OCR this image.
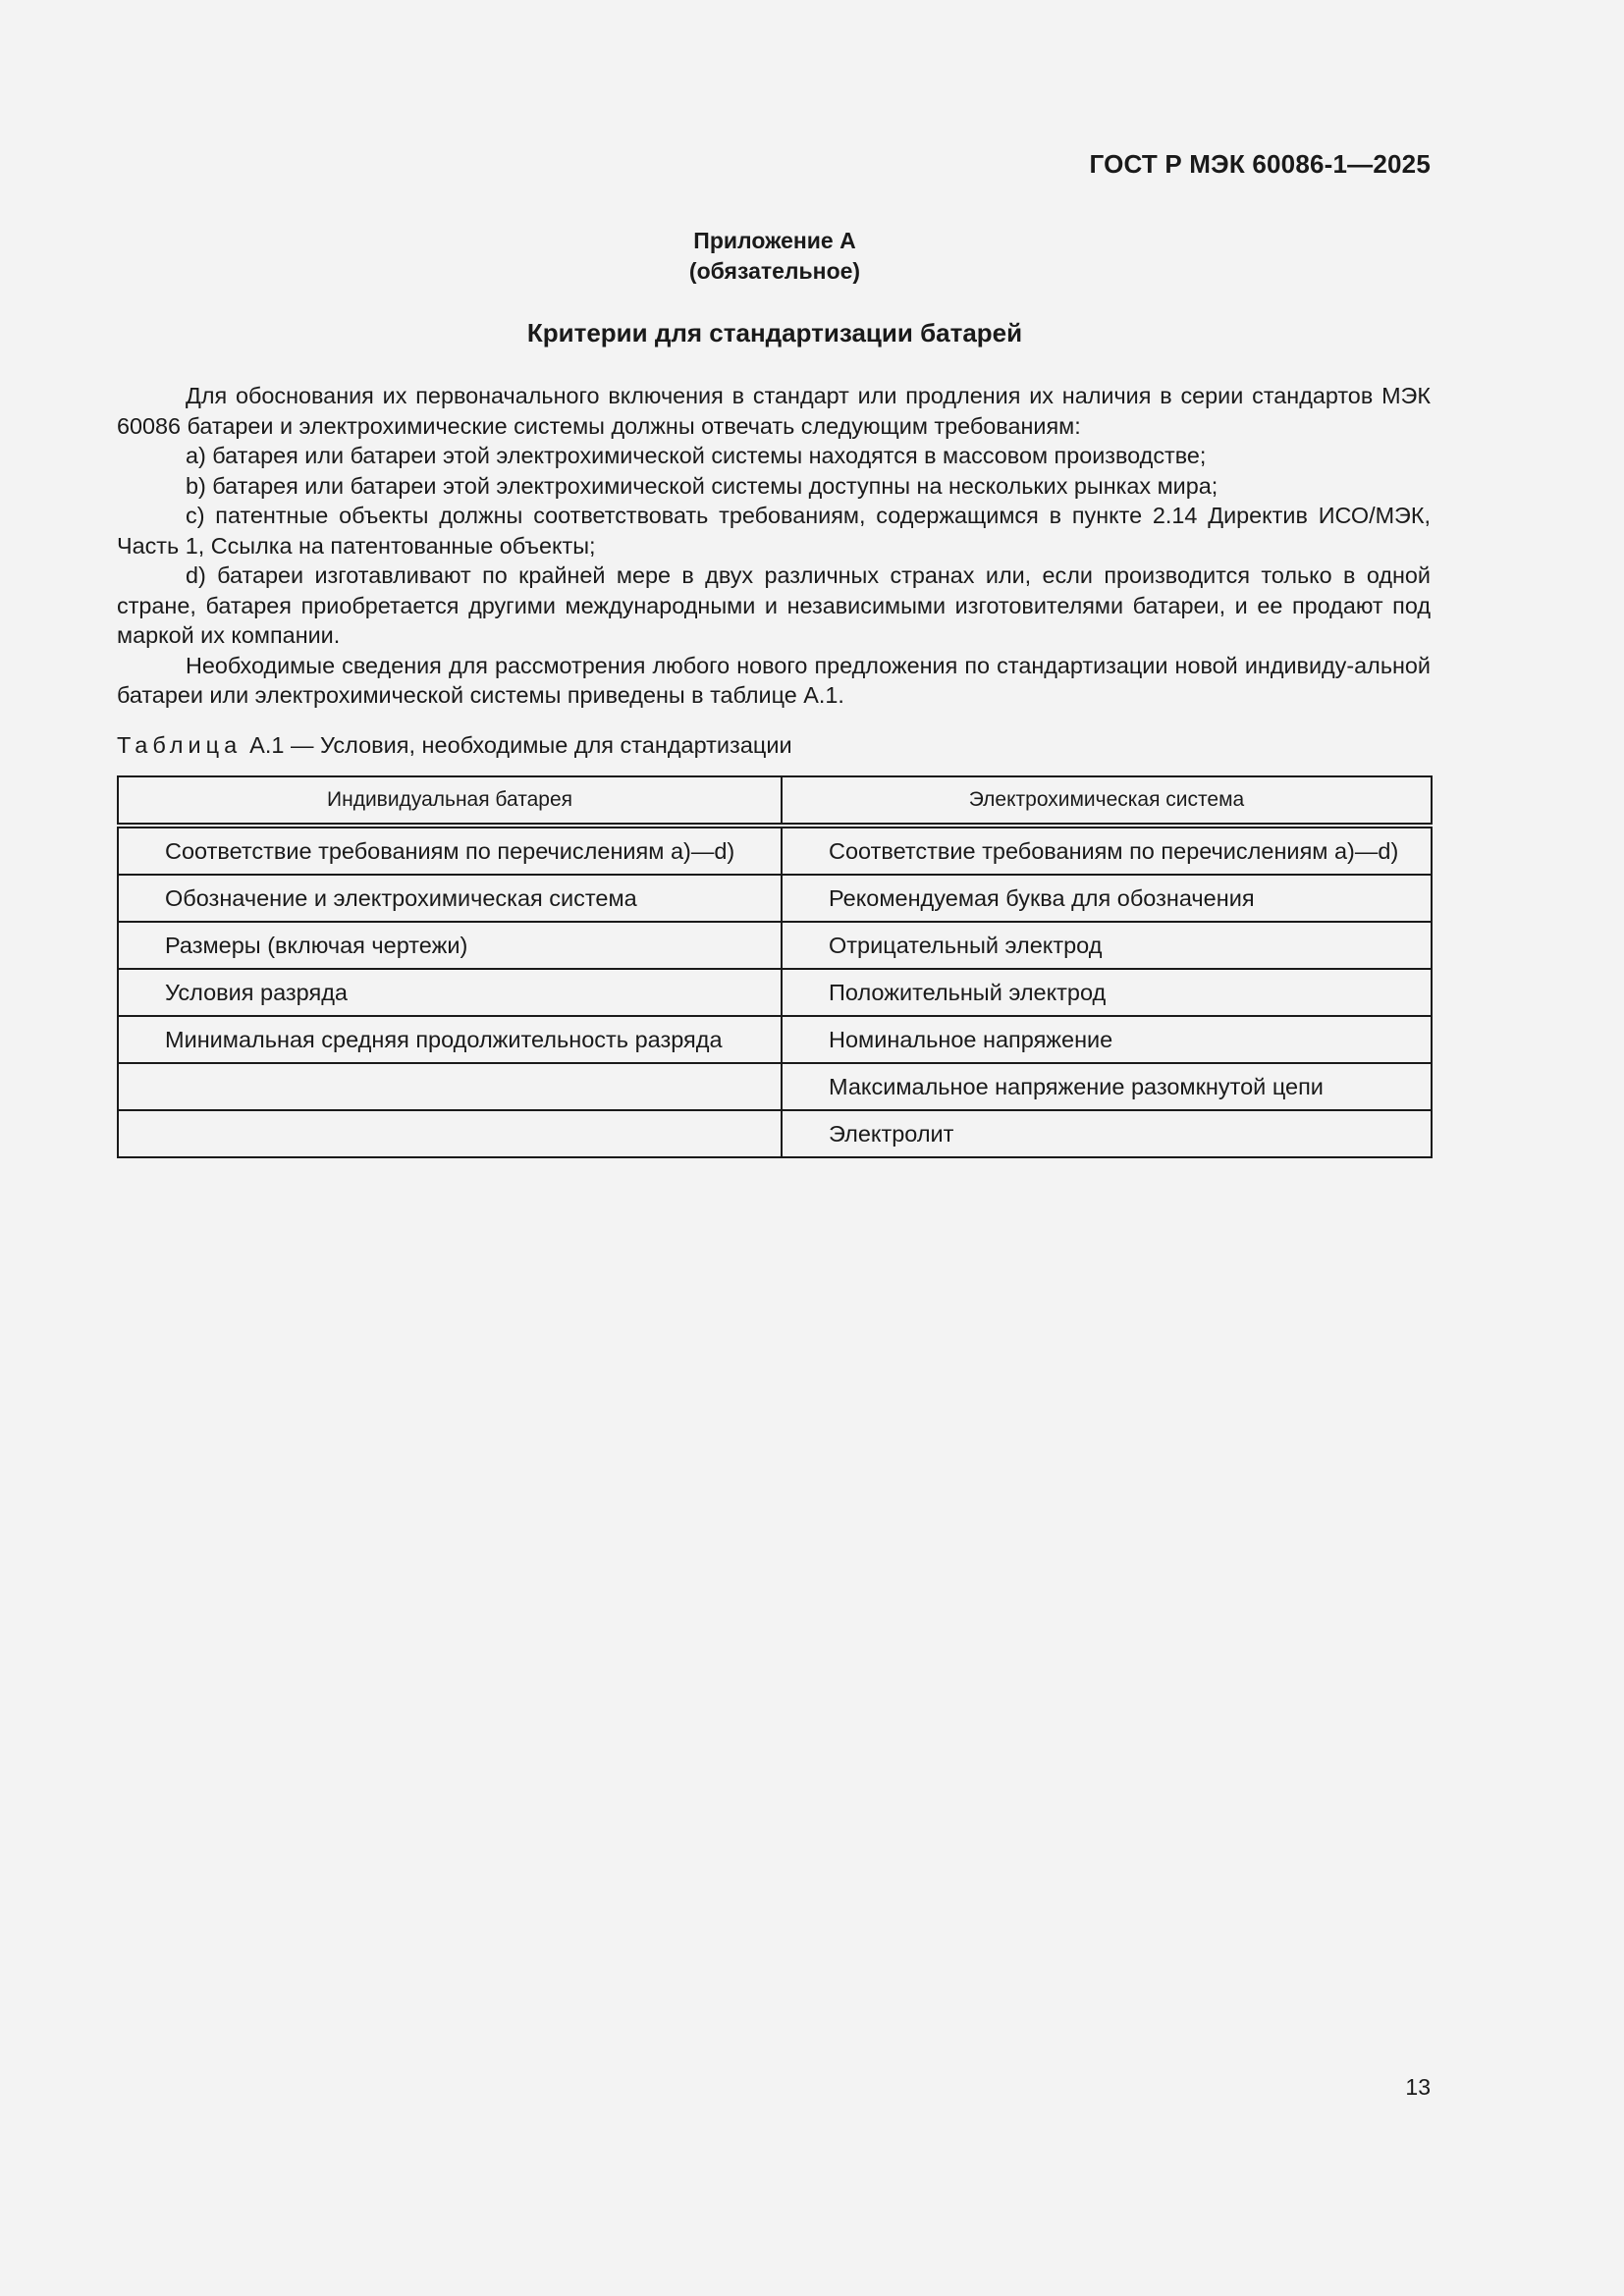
ГОСТ Р МЭК 60086-1—2025
Приложение А
(обязательное)
Критерии для стандартизации батарей

Для обоснования их первоначального включения в стандарт или продления их наличия в серии стандартов МЭК 60086 батареи и электрохимические системы должны отвечать следующим требованиям:

a) батарея или батареи этой электрохимической системы находятся в массовом производстве;

b) батарея или батареи этой электрохимической системы доступны на нескольких рынках мира;

c) патентные объекты должны соответствовать требованиям, содержащимся в пункте 2.14 Директив ИСО/МЭК, Часть 1, Ссылка на патентованные объекты;

d) батареи изготавливают по крайней мере в двух различных странах или, если производится только в одной стране, батарея приобретается другими международными и независимыми изготовителями батареи, и ее продают под маркой их компании.

Необходимые сведения для рассмотрения любого нового предложения по стандартизации новой индивиду-альной батареи или электрохимической системы приведены в таблице А.1.

Таблица А.1 — Условия, необходимые для стандартизации
Индивидуальная батарея	Электрохимическая система
Соответствие требованиям по перечислениям а)—d)	Соответствие требованиям по перечислениям а)—d)
Обозначение и электрохимическая система	Рекомендуемая буква для обозначения
Размеры (включая чертежи)	Отрицательный электрод
Условия разряда	Положительный электрод
Минимальная средняя продолжительность разряда	Номинальное напряжение
	Максимальное напряжение разомкнутой цепи
	Электролит
13
